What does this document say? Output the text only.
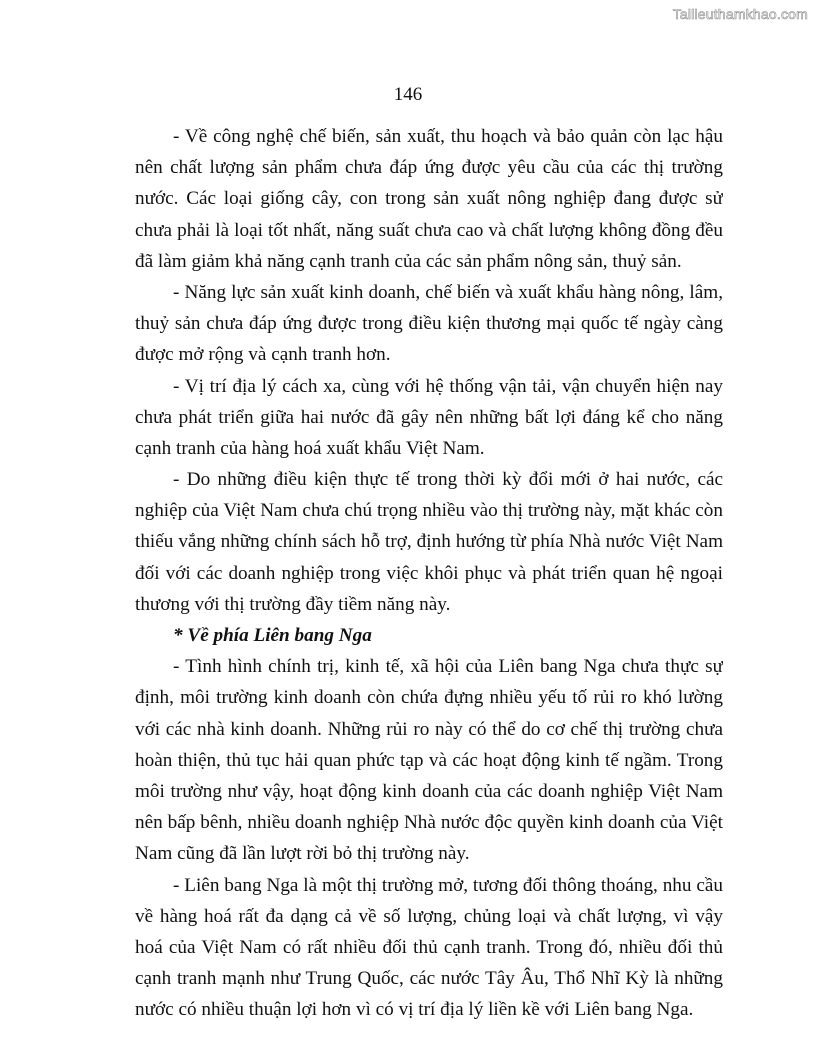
Tailieuthamkhao.com
146
- Về công nghệ chế biến, sản xuất, thu hoạch và bảo quản còn lạc hậu
nên chất lượng sản phẩm chưa đáp ứng được yêu cầu của các thị trường
nước. Các loại giống cây, con trong sản xuất nông nghiệp đang được sử
chưa phải là loại tốt nhất, năng suất chưa cao và chất lượng không đồng đều
đã làm giảm khả năng cạnh tranh của các sản phẩm nông sản, thuỷ sản.
- Năng lực sản xuất kinh doanh, chế biến và xuất khẩu hàng nông, lâm,
thuỷ sản chưa đáp ứng được trong điều kiện thương mại quốc tế ngày càng
được mở rộng và cạnh tranh hơn.
- Vị trí địa lý cách xa, cùng với hệ thống vận tải, vận chuyển hiện nay
chưa phát triển giữa hai nước đã gây nên những bất lợi đáng kể cho năng
cạnh tranh của hàng hoá xuất khẩu Việt Nam.
- Do những điều kiện thực tế trong thời kỳ đổi mới ở hai nước, các
nghiệp của Việt Nam chưa chú trọng nhiều vào thị trường này, mặt khác còn
thiếu vắng những chính sách hỗ trợ, định hướng từ phía Nhà nước Việt Nam
đối với các doanh nghiệp trong việc khôi phục và phát triển quan hệ ngoại
thương với thị trường đầy tiềm năng này.
* Về phía Liên bang Nga
- Tình hình chính trị, kinh tế, xã hội của Liên bang Nga chưa thực sự
định, môi trường kinh doanh còn chứa đựng nhiều yếu tố rủi ro khó lường
với các nhà kinh doanh. Những rủi ro này có thể do cơ chế thị trường chưa
hoàn thiện, thủ tục hải quan phức tạp và các hoạt động kinh tế ngầm. Trong
môi trường như vậy, hoạt động kinh doanh của các doanh nghiệp Việt Nam
nên bấp bênh, nhiều doanh nghiệp Nhà nước độc quyền kinh doanh của Việt
Nam cũng đã lần lượt rời bỏ thị trường này.
- Liên bang Nga là một thị trường mở, tương đối thông thoáng, nhu cầu
về hàng hoá rất đa dạng cả về số lượng, chủng loại và chất lượng, vì vậy
hoá của Việt Nam có rất nhiều đối thủ cạnh tranh. Trong đó, nhiều đối thủ
cạnh tranh mạnh như Trung Quốc, các nước Tây Âu, Thổ Nhĩ Kỳ là những
nước có nhiều thuận lợi hơn vì có vị trí địa lý liền kề với Liên bang Nga.
